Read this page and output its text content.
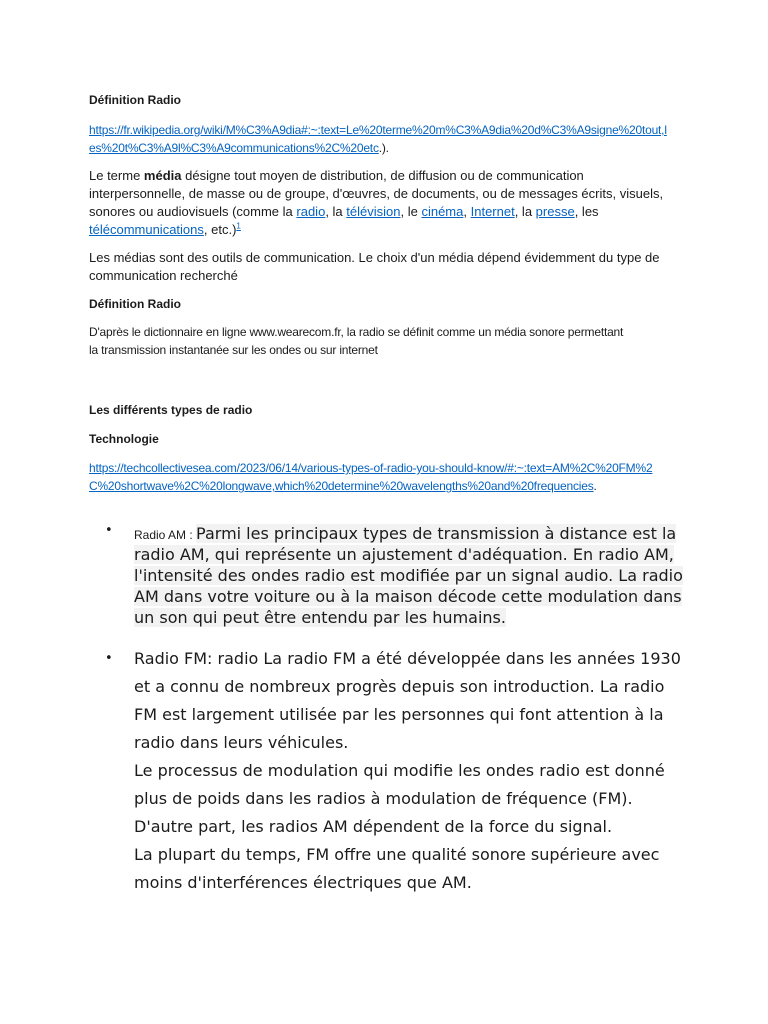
Définition Radio
https://fr.wikipedia.org/wiki/M%C3%A9dia#:~:text=Le%20terme%20m%C3%A9dia%20d%C3%A9signe%20tout,les%20t%C3%A9l%C3%A9communications%2C%20etc.).
Le terme média désigne tout moyen de distribution, de diffusion ou de communication interpersonnelle, de masse ou de groupe, d'œuvres, de documents, ou de messages écrits, visuels, sonores ou audiovisuels (comme la radio, la télévision, le cinéma, Internet, la presse, les télécommunications, etc.)$^1$
Les médias sont des outils de communication. Le choix d'un média dépend évidemment du type de communication recherché
Définition Radio
D'après le dictionnaire en ligne www.wearecom.fr, la radio se définit comme un média sonore permettant la transmission instantanée sur les ondes ou sur internet
Les différents types de radio
Technologie
https://techcollectivesea.com/2023/06/14/various-types-of-radio-you-should-know/#:~:text=AM%2C%20FM%2C%20shortwave%2C%20longwave,which%20determine%20wavelengths%20and%20frequencies.
• Radio AM : Parmi les principaux types de transmission à distance est la radio AM, qui représente un ajustement d'adéquation. En radio AM, l'intensité des ondes radio est modifiée par un signal audio. La radio AM dans votre voiture ou à la maison décode cette modulation dans un son qui peut être entendu par les humains.
• Radio FM: radio La radio FM a été développée dans les années 1930 et a connu de nombreux progrès depuis son introduction. La radio FM est largement utilisée par les personnes qui font attention à la radio dans leurs véhicules.
Le processus de modulation qui modifie les ondes radio est donné plus de poids dans les radios à modulation de fréquence (FM).
D'autre part, les radios AM dépendent de la force du signal.
La plupart du temps, FM offre une qualité sonore supérieure avec moins d'interférences électriques que AM.
